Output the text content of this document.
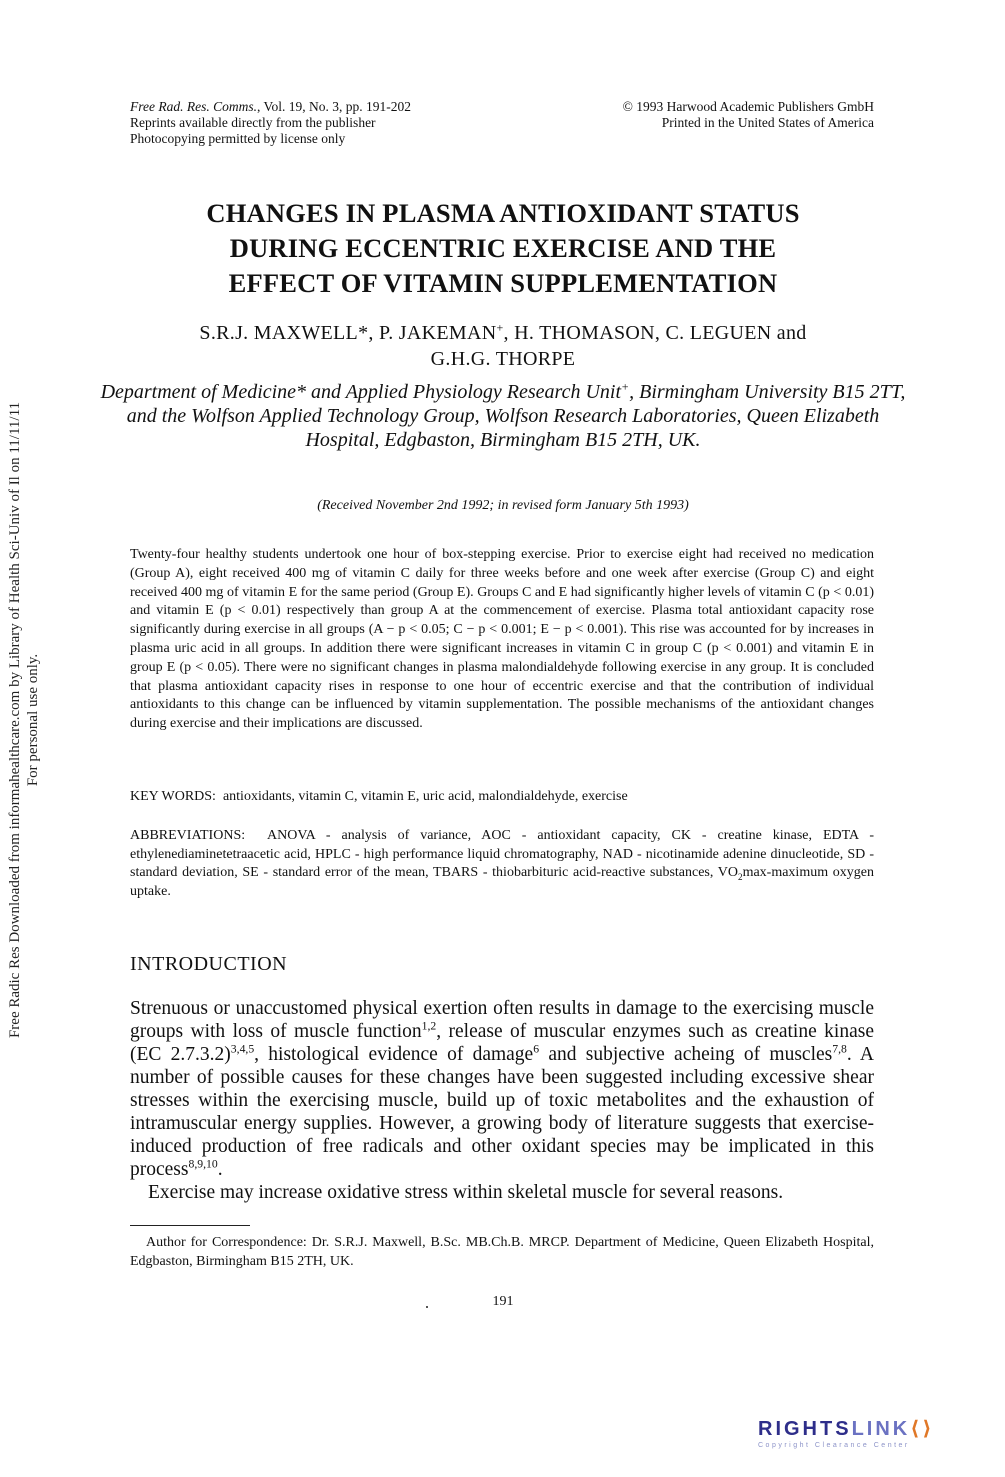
Free Rad. Res. Comms., Vol. 19, No. 3, pp. 191-202
Reprints available directly from the publisher
Photocopying permitted by license only
© 1993 Harwood Academic Publishers GmbH
Printed in the United States of America
CHANGES IN PLASMA ANTIOXIDANT STATUS
DURING ECCENTRIC EXERCISE AND THE
EFFECT OF VITAMIN SUPPLEMENTATION
S.R.J. MAXWELL*, P. JAKEMAN+, H. THOMASON, C. LEGUEN and
G.H.G. THORPE
Department of Medicine* and Applied Physiology Research Unit+, Birmingham University B15 2TT, and the Wolfson Applied Technology Group, Wolfson Research Laboratories, Queen Elizabeth Hospital, Edgbaston, Birmingham B15 2TH, UK.
(Received November 2nd 1992; in revised form January 5th 1993)
Twenty-four healthy students undertook one hour of box-stepping exercise. Prior to exercise eight had received no medication (Group A), eight received 400 mg of vitamin C daily for three weeks before and one week after exercise (Group C) and eight received 400 mg of vitamin E for the same period (Group E). Groups C and E had significantly higher levels of vitamin C (p < 0.01) and vitamin E (p < 0.01) respectively than group A at the commencement of exercise. Plasma total antioxidant capacity rose significantly during exercise in all groups (A − p < 0.05; C − p < 0.001; E − p < 0.001). This rise was accounted for by increases in plasma uric acid in all groups. In addition there were significant increases in vitamin C in group C (p < 0.001) and vitamin E in group E (p < 0.05). There were no significant changes in plasma malondialdehyde following exercise in any group. It is concluded that plasma antioxidant capacity rises in response to one hour of eccentric exercise and that the contribution of individual antioxidants to this change can be influenced by vitamin supplementation. The possible mechanisms of the antioxidant changes during exercise and their implications are discussed.
KEY WORDS: antioxidants, vitamin C, vitamin E, uric acid, malondialdehyde, exercise
ABBREVIATIONS: ANOVA - analysis of variance, AOC - antioxidant capacity, CK - creatine kinase, EDTA - ethylenediaminetetraacetic acid, HPLC - high performance liquid chromatography, NAD - nicotinamide adenine dinucleotide, SD - standard deviation, SE - standard error of the mean, TBARS - thiobarbituric acid-reactive substances, $VO_2\max$-maximum oxygen uptake.
INTRODUCTION

Strenuous or unaccustomed physical exertion often results in damage to the exercising muscle groups with loss of muscle function$^{1,2}$, release of muscular enzymes such as creatine kinase (EC 2.7.3.2)$^{3,4,5}$, histological evidence of damage$^6$ and subjective acheing of muscles$^{7,8}$. A number of possible causes for these changes have been suggested including excessive shear stresses within the exercising muscle, build up of toxic metabolites and the exhaustion of intramuscular energy supplies. However, a growing body of literature suggests that exercise-induced production of free radicals and other oxidant species may be implicated in this process$^{8,9,10}$.

Exercise may increase oxidative stress within skeletal muscle for several reasons.

Author for Correspondence: Dr. S.R.J. Maxwell, B.Sc. MB.Ch.B. MRCP. Department of Medicine, Queen Elizabeth Hospital, Edgbaston, Birmingham B15 2TH, UK.
191
Free Radic Res Downloaded from informahealthcare.com by Library of Health Sci-Univ of Il on 11/11/11 For personal use only.
RIGHTSLINK⟨⟩
Copyright Clearance Center
